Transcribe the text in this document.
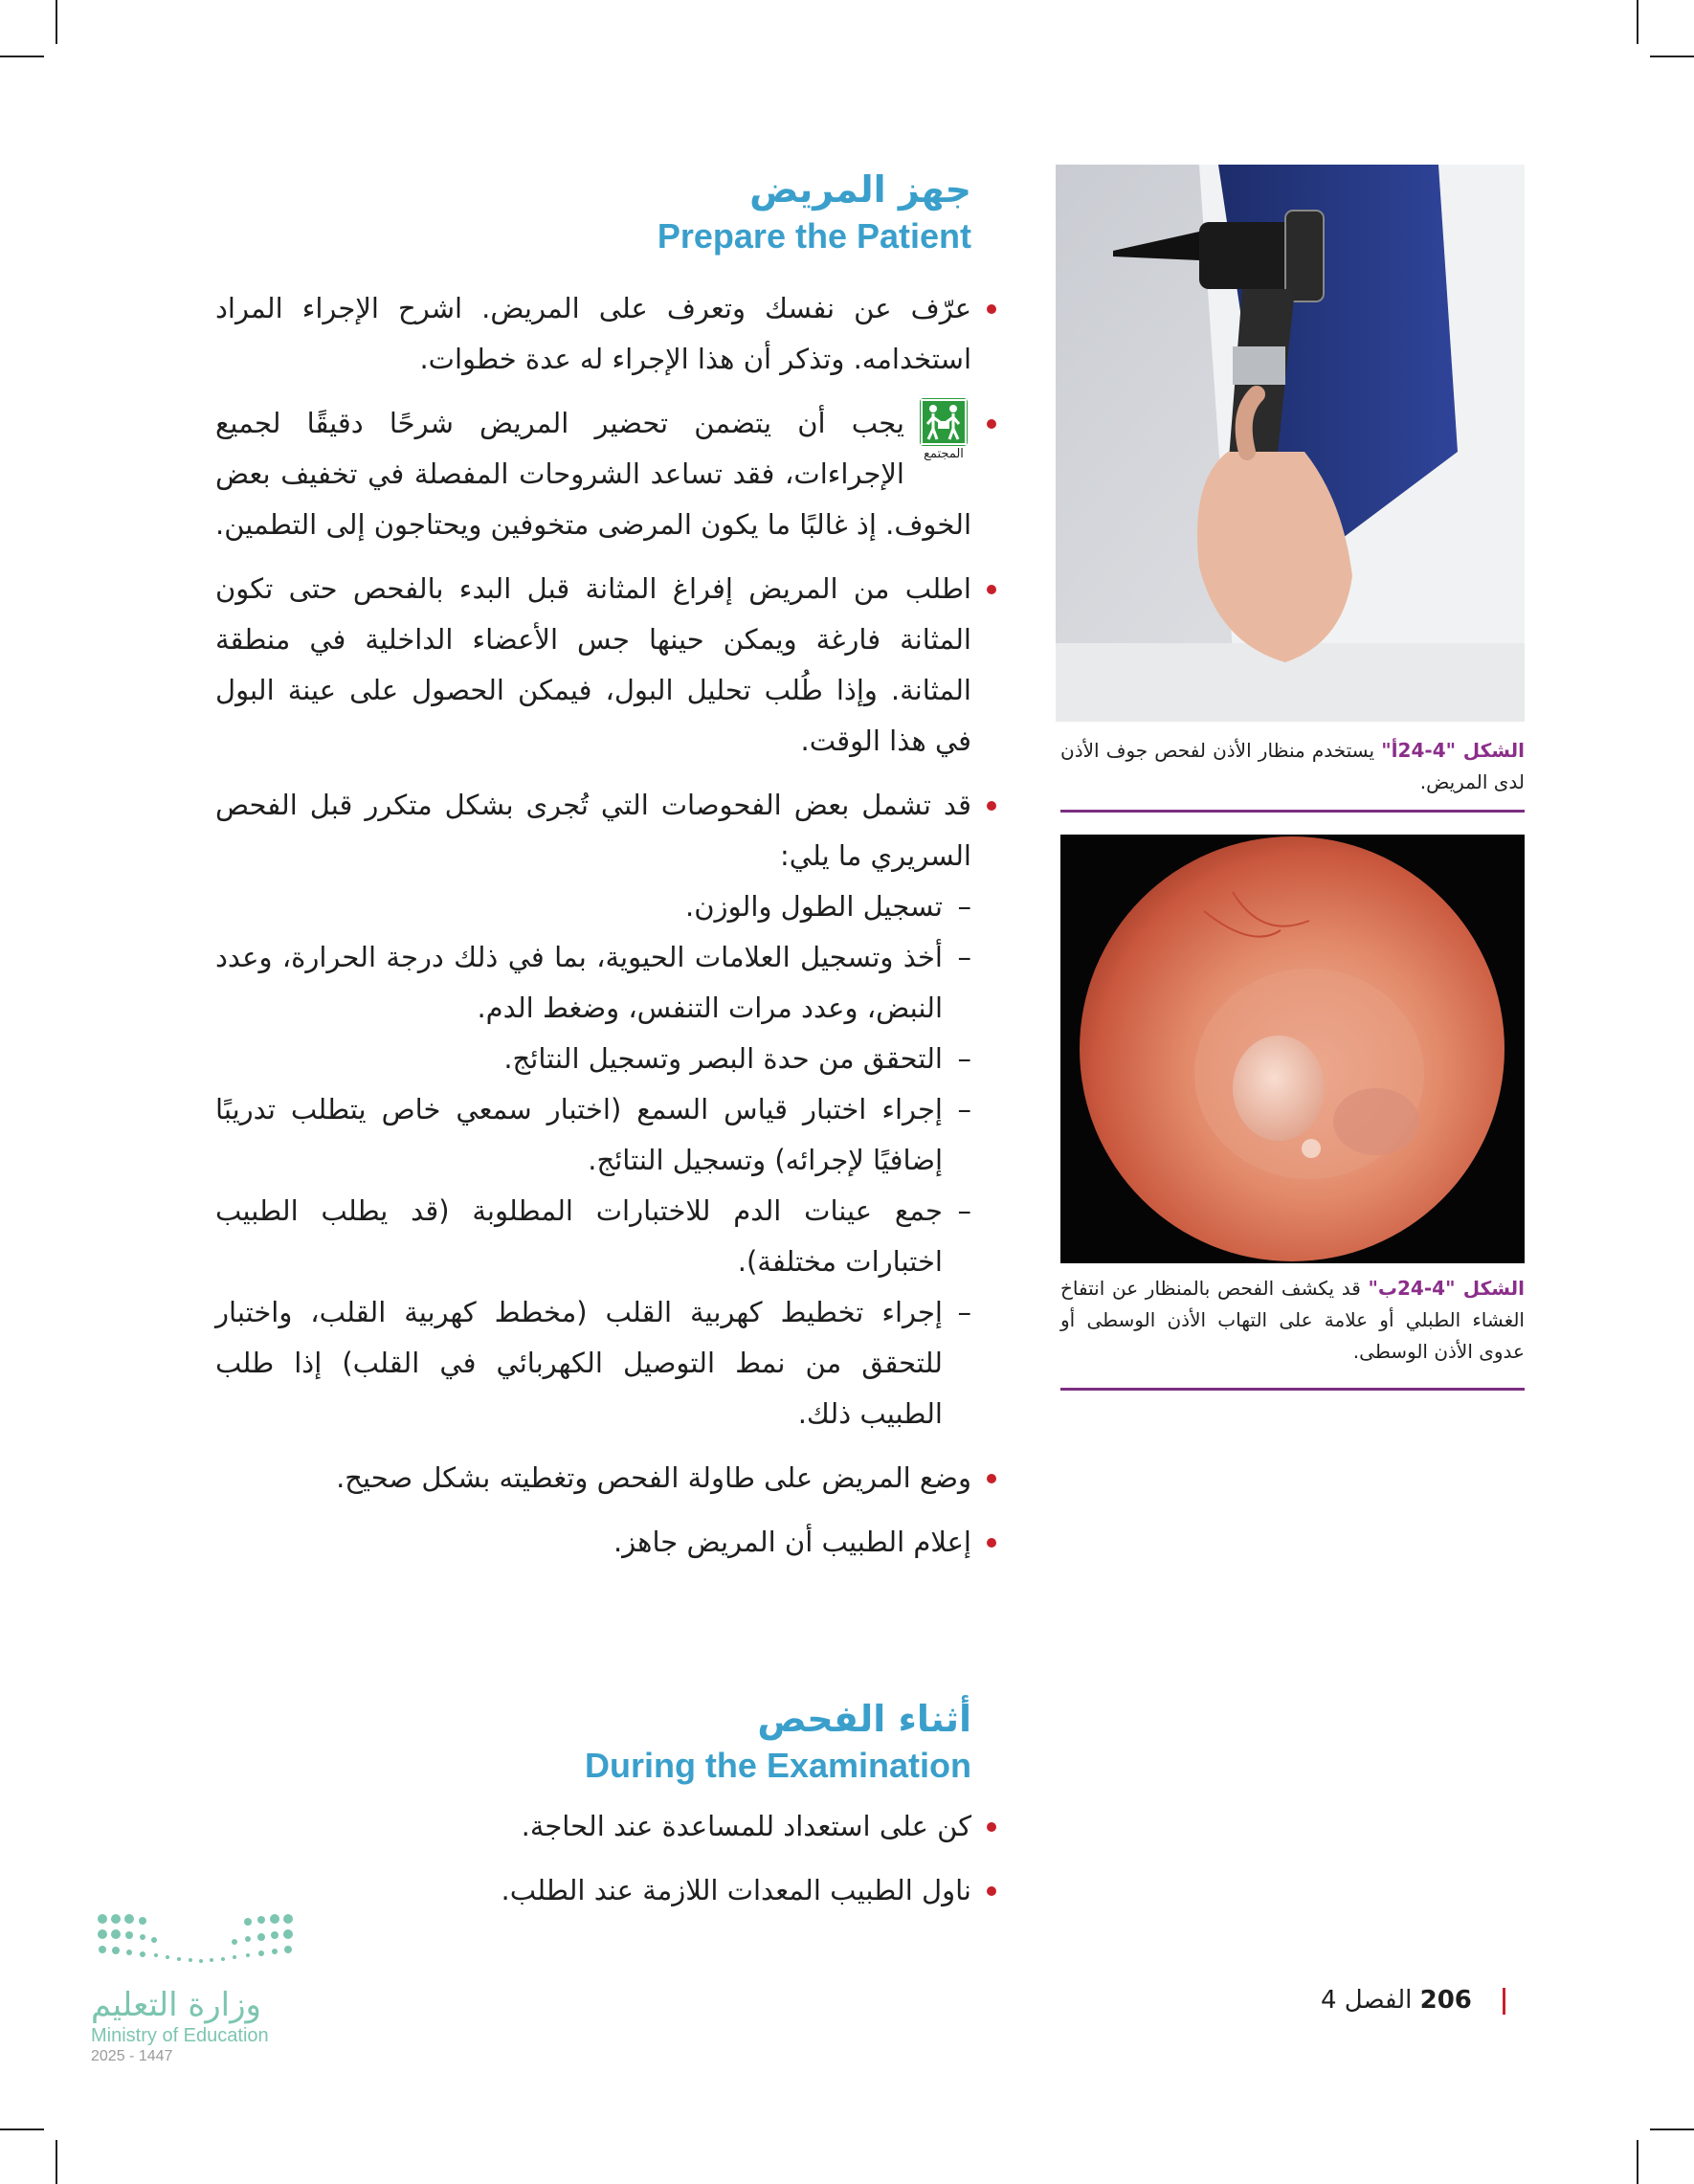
جهز المريض
Prepare the Patient
عرّف عن نفسك وتعرف على المريض. اشرح الإجراء المراد استخدامه. وتذكر أن هذا الإجراء له عدة خطوات.
المجتمع
يجب أن يتضمن تحضير المريض شرحًا دقيقًا لجميع الإجراءات، فقد تساعد الشروحات المفصلة في تخفيف بعض الخوف. إذ غالبًا ما يكون المرضى متخوفين ويحتاجون إلى التطمين.
اطلب من المريض إفراغ المثانة قبل البدء بالفحص حتى تكون المثانة فارغة ويمكن حينها جس الأعضاء الداخلية في منطقة المثانة. وإذا طُلب تحليل البول، فيمكن الحصول على عينة البول في هذا الوقت.
قد تشمل بعض الفحوصات التي تُجرى بشكل متكرر قبل الفحص السريري ما يلي:
– تسجيل الطول والوزن.
– أخذ وتسجيل العلامات الحيوية، بما في ذلك درجة الحرارة، وعدد النبض، وعدد مرات التنفس، وضغط الدم.
– التحقق من حدة البصر وتسجيل النتائج.
– إجراء اختبار قياس السمع (اختبار سمعي خاص يتطلب تدريبًا إضافيًا لإجرائه) وتسجيل النتائج.
– جمع عينات الدم للاختبارات المطلوبة (قد يطلب الطبيب اختبارات مختلفة).
– إجراء تخطيط كهربية القلب (مخطط كهربية القلب، واختبار للتحقق من نمط التوصيل الكهربائي في القلب) إذا طلب الطبيب ذلك.
وضع المريض على طاولة الفحص وتغطيته بشكل صحيح.
إعلام الطبيب أن المريض جاهز.
أثناء الفحص
During the Examination
كن على استعداد للمساعدة عند الحاجة.
ناول الطبيب المعدات اللازمة عند الطلب.
الشكل "4-24أ" يستخدم منظار الأذن لفحص جوف الأذن لدى المريض.
الشكل "4-24ب" قد يكشف الفحص بالمنظار عن انتفاخ الغشاء الطبلي أو علامة على التهاب الأذن الوسطى أو عدوى الأذن الوسطى.
206 الفصل 4
وزارة التعليم
Ministry of Education
2025 - 1447
